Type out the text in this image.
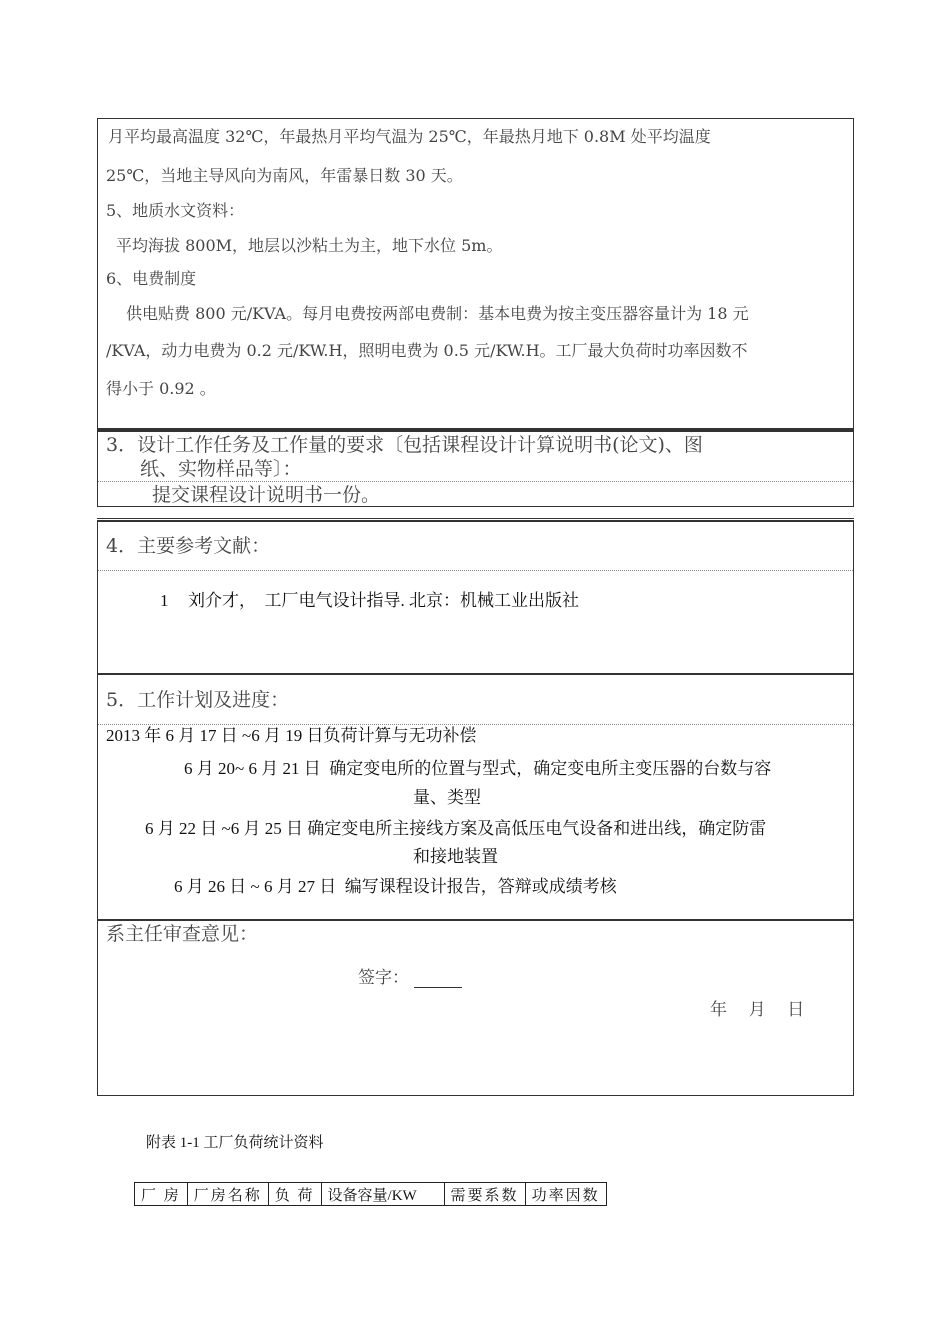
月平均最高温度 32℃，年最热月平均气温为 25℃，年最热月地下 0.8M 处平均温度
25℃，当地主导风向为南风，年雷暴日数 30 天。
5、地质水文资料：
平均海拔 800M，地层以沙粘土为主，地下水位 5m。
6、电费制度
供电贴费 800 元/KVA。每月电费按两部电费制：基本电费为按主变压器容量计为 18 元
/KVA，动力电费为 0.2 元/KW.H，照明电费为 0.5 元/KW.H。工厂最大负荷时功率因数不
得小于 0.92 。
3．设计工作任务及工作量的要求〔包括课程设计计算说明书(论文)、图
纸、实物样品等〕：
提交课程设计说明书一份。
4．主要参考文献：
1 刘介才，  工厂电气设计指导. 北京：机械工业出版社
5．工作计划及进度：
2013 年 6 月 17 日 ~6 月 19 日负荷计算与无功补偿
6 月 20~ 6 月 21 日  确定变电所的位置与型式，确定变电所主变压器的台数与容
量、类型
6 月 22 日 ~6 月 25 日 确定变电所主接线方案及高低压电气设备和进出线，确定防雷
和接地装置
6 月 26 日 ~ 6 月 27 日  编写课程设计报告，答辩或成绩考核
系主任审查意见：
签字：
年    月    日
附表 1-1 工厂负荷统计资料
厂 房	厂房名称	负 荷	设备容量/KW	需要系数	功率因数
